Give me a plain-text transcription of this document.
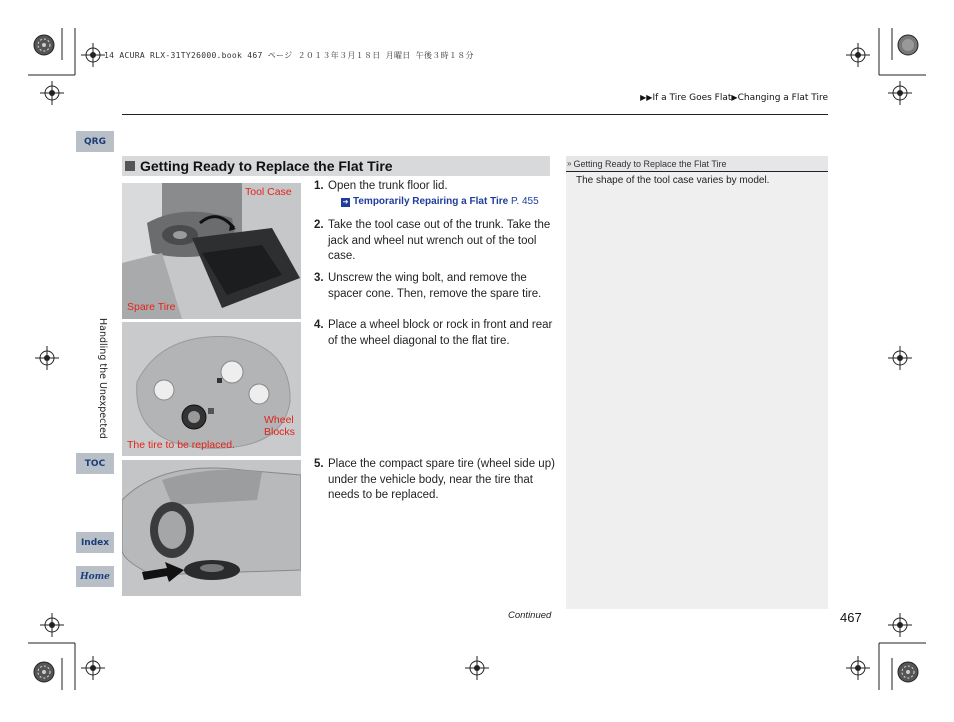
14 ACURA RLX-31TY26000.book 467 ページ ２０１３年３月１８日 月曜日 午後３時１８分
▶▶If a Tire Goes Flat▶Changing a Flat Tire
QRG
Handling the Unexpected
TOC
Index
Home
Getting Ready to Replace the Flat Tire
Tool Case
Spare Tire
Wheel
Blocks
The tire to be replaced.
1. Open the trunk floor lid.
➔ Temporarily Repairing a Flat Tire P. 455
2. Take the tool case out of the trunk. Take the jack and wheel nut wrench out of the tool case.
3. Unscrew the wing bolt, and remove the spacer cone. Then, remove the spare tire.
4. Place a wheel block or rock in front and rear of the wheel diagonal to the flat tire.
5. Place the compact spare tire (wheel side up) under the vehicle body, near the tire that needs to be replaced.
» Getting Ready to Replace the Flat Tire
The shape of the tool case varies by model.
Continued	467
